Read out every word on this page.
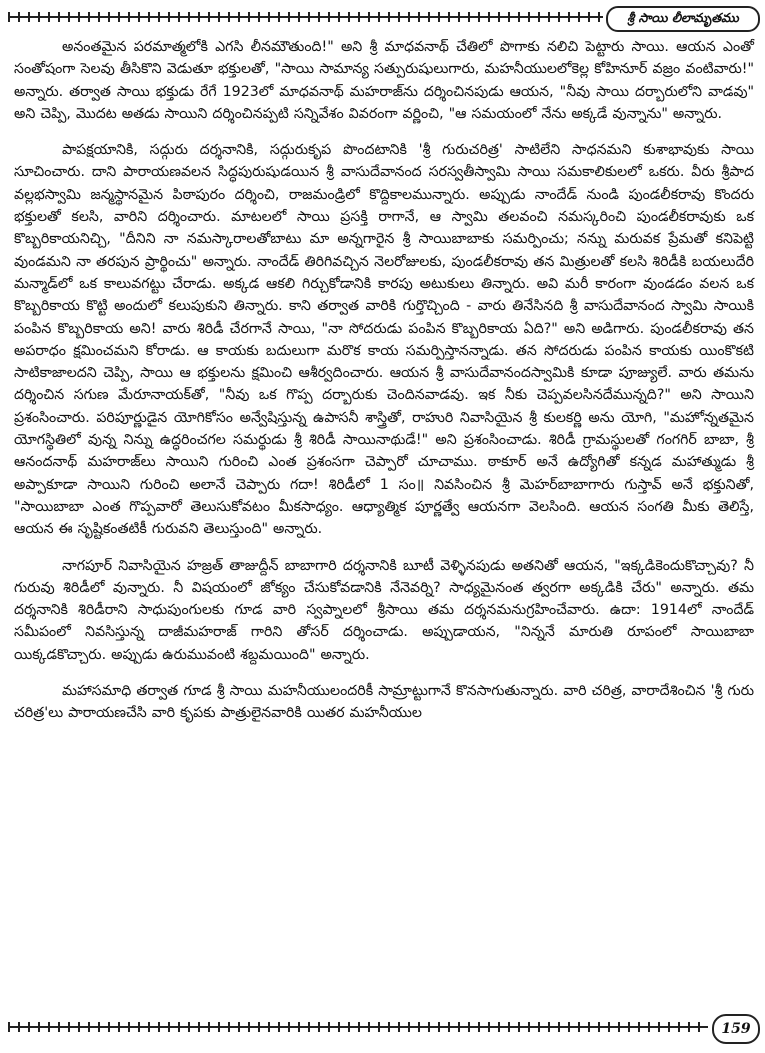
శ్రీ సాయి లీలామృతము

అనంతమైన పరమాత్మలోకి ఎగసి లీనమౌతుంది!" అని శ్రీ మాధవనాథ్ చేతిలో పొగాకు నలిచి పెట్టారు సాయి. ఆయన ఎంతో సంతోషంగా సెలవు తీసికొని వెడుతూ భక్తులతో, "సాయి సామాన్య సత్పురుషులుగారు, మహనీయులలోకెల్ల కోహినూర్ వజ్రం వంటివారు!" అన్నారు. తర్వాత సాయి భక్తుడు రేగే 1923లో మాధవనాథ్ మహరాజ్‌ను దర్శించినపుడు ఆయన, "నీవు సాయి దర్బారులోని వాడవు" అని చెప్పి, మొదట అతడు సాయిని దర్శించినప్పటి సన్నివేశం వివరంగా వర్ణించి, "ఆ సమయంలో నేను అక్కడే వున్నాను" అన్నారు.

పాపక్షయానికి, సద్గురు దర్శనానికి, సద్గురుకృప పొందటానికి 'శ్రీ గురుచరిత్ర' సాటిలేని సాధనమని కుశాభావుకు సాయి సూచించారు. దాని పారాయణవలన సిద్ధపురుషుడయిన శ్రీ వాసుదేవానంద సరస్వతీస్వామి సాయి సమకాలికులలో ఒకరు. వీరు శ్రీపాద వల్లభస్వామి జన్మస్థానమైన పిఠాపురం దర్శించి, రాజమండ్రిలో కొద్దికాలమున్నారు. అప్పుడు నాందేడ్ నుండి పుండలీకరావు కొందరు భక్తులతో కలసి, వారిని దర్శించారు. మాటలలో సాయి ప్రసక్తి రాగానే, ఆ స్వామి తలవంచి నమస్కరించి పుండలీకరావుకు ఒక కొబ్బరికాయనిచ్చి, "దీనిని నా నమస్కారాలతోబాటు మా అన్నగారైన శ్రీ సాయిబాబాకు సమర్పించు; నన్ను మరువక ప్రేమతో కనిపెట్టి వుండమని నా తరపున ప్రార్థించు" అన్నారు. నాందేడ్ తిరిగివచ్చిన నెలరోజులకు, పుండలీకరావు తన మిత్రులతో కలసి శిరిడీకి బయలుదేరి మన్మాడ్‌లో ఒక కాలువగట్టు చేరాడు. అక్కడ ఆకలి గిర్చుకోడానికి కారపు అటుకులు తిన్నారు. అవి మరీ కారంగా వుండడం వలన ఒక కొబ్బరికాయ కొట్టి అందులో కలుపుకుని తిన్నారు. కాని తర్వాత వారికి గుర్తొచ్చింది - వారు తినేసినది శ్రీ వాసుదేవానంద స్వామి సాయికి పంపిన కొబ్బరికాయ అని! వారు శిరిడీ చేరగానే సాయి, "నా సోదరుడు పంపిన కొబ్బరికాయ ఏది?" అని అడిగారు. పుండలీకరావు తన అపరాధం క్షమించమని కోరాడు. ఆ కాయకు బదులుగా మరొక కాయ సమర్పిస్తానన్నాడు. తన సోదరుడు పంపిన కాయకు యింకొకటి సాటికాజాలదని చెప్పి, సాయి ఆ భక్తులను క్షమించి ఆశీర్వదించారు. ఆయన శ్రీ వాసుదేవానందస్వామికి కూడా పూజ్యులే. వారు తమను దర్శించిన సగుణ మేరూనాయక్‌తో, "నీవు ఒక గొప్ప దర్బారుకు చెందినవాడవు. ఇక నీకు చెప్పవలసినదేమున్నది?" అని సాయిని ప్రశంసించారు. పరిపూర్ణుడైన యోగికోసం అన్వేషిస్తున్న ఉపాసనీ శాస్త్రితో, రాహురి నివాసియైన శ్రీ కులకర్ణి అను యోగి, "మహోన్నతమైన యోగస్థితిలో వున్న నిన్ను ఉద్ధరించగల సమర్థుడు శ్రీ శిరిడీ సాయినాథుడే!" అని ప్రశంసించాడు. శిరిడీ గ్రామస్థులతో గంగగిర్ బాబా, శ్రీ ఆనందనాథ్ మహరాజ్‌లు సాయిని గురించి ఎంత ప్రశంసగా చెప్పారో చూచాము. ఠాకూర్ అనే ఉద్యోగితో కన్నడ మహాత్ముడు శ్రీ అప్పాకూడా సాయిని గురించి అలానే చెప్పారు గదా! శిరిడీలో 1 సం॥ నివసించిన శ్రీ మెహర్‌బాబాగారు గుస్తావ్ అనే భక్తునితో, "సాయిబాబా ఎంత గొప్పవారో తెలుసుకోవటం మీకసాధ్యం. ఆధ్యాత్మిక పూర్ణత్వే ఆయనగా వెలసింది. ఆయన సంగతి మీకు తెలిస్తే, ఆయన ఈ సృష్టికంతటికీ గురువని తెలుస్తుంది" అన్నారు.

నాగపూర్ నివాసియైన హజ్రత్ తాజుద్దీన్ బాబాగారి దర్శనానికి బూటీ వెళ్ళినపుడు అతనితో ఆయన, "ఇక్కడికెందుకొచ్చావు? నీ గురువు శిరిడీలో వున్నారు. నీ విషయంలో జోక్యం చేసుకోవడానికి నేనెవర్ని? సాధ్యమైనంత త్వరగా అక్కడికి చేరు" అన్నారు. తమ దర్శనానికి శిరిడీరాని సాధుపుంగులకు గూడ వారి స్వప్నాలలో శ్రీసాయి తమ దర్శనమనుగ్రహించేవారు. ఉదా: 1914లో నాందేడ్ సమీపంలో నివసిస్తున్న దాజీమహరాజ్ గారిని తోసర్ దర్శించాడు. అప్పుడాయన, "నిన్ననే మారుతి రూపంలో సాయిబాబా యిక్కడకొచ్చారు. అప్పుడు ఉరుమువంటి శబ్దమయింది" అన్నారు.

మహాసమాధి తర్వాత గూడ శ్రీ సాయి మహనీయులందరికీ సామ్రాట్టుగానే కొనసాగుతున్నారు. వారి చరిత్ర, వారాదేశించిన 'శ్రీ గురు చరిత్ర'లు పారాయణచేసి వారి కృపకు పాత్రులైనవారికి యితర మహనీయుల

159
